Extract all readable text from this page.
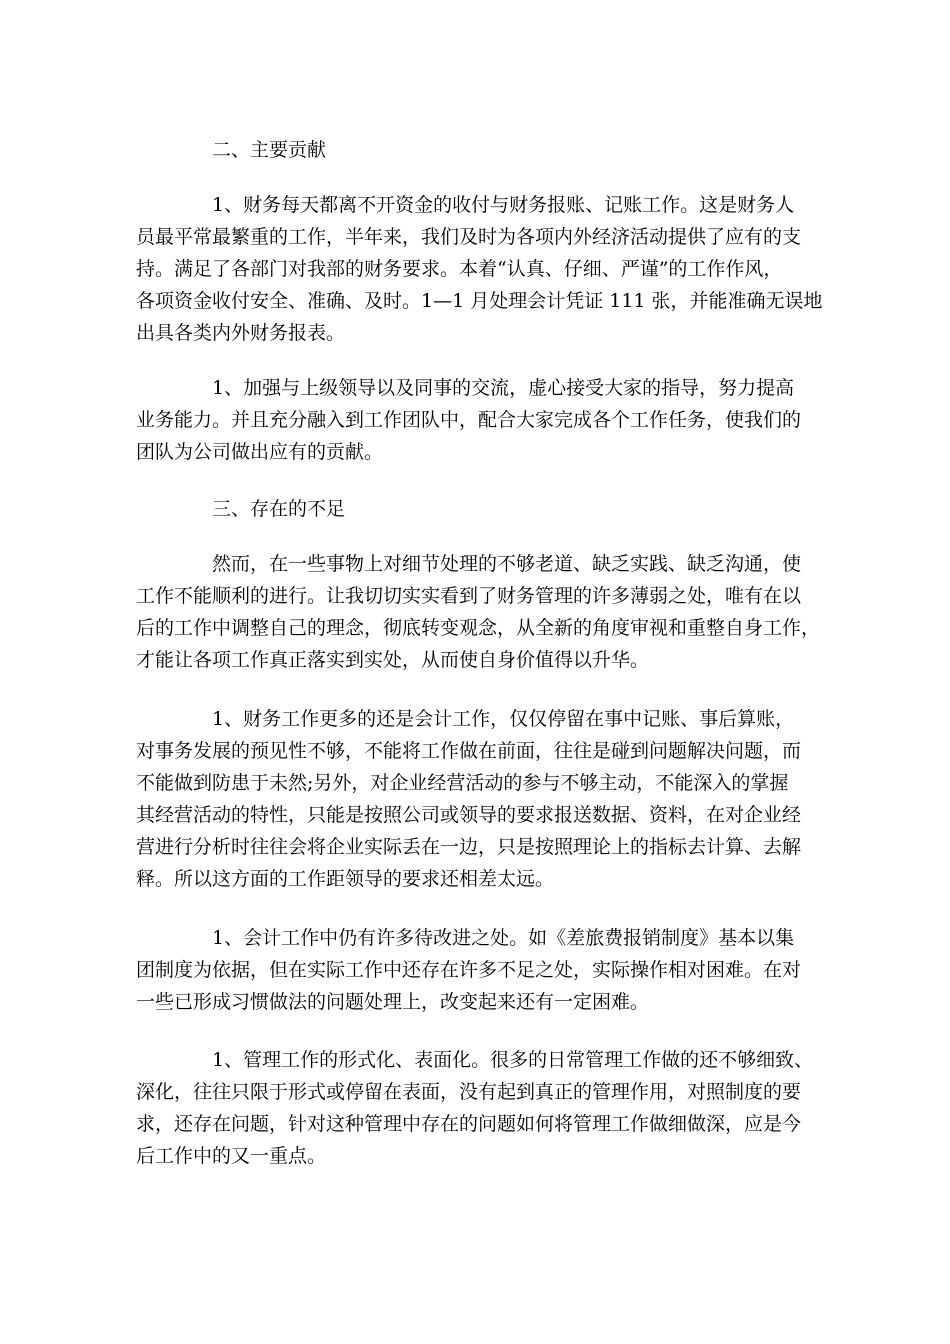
二、主要贡献
1、财务每天都离不开资金的收付与财务报账、记账工作。这是财务人
员最平常最繁重的工作，半年来，我们及时为各项内外经济活动提供了应有的支
持。满足了各部门对我部的财务要求。本着“认真、仔细、严谨”的工作作风，
各项资金收付安全、准确、及时。1—1 月处理会计凭证 111 张，并能准确无误地
出具各类内外财务报表。
1、加强与上级领导以及同事的交流，虚心接受大家的指导，努力提高
业务能力。并且充分融入到工作团队中，配合大家完成各个工作任务，使我们的
团队为公司做出应有的贡献。
三、存在的不足
然而，在一些事物上对细节处理的不够老道、缺乏实践、缺乏沟通，使
工作不能顺利的进行。让我切切实实看到了财务管理的许多薄弱之处，唯有在以
后的工作中调整自己的理念，彻底转变观念，从全新的角度审视和重整自身工作，
才能让各项工作真正落实到实处，从而使自身价值得以升华。
1、财务工作更多的还是会计工作，仅仅停留在事中记账、事后算账，
对事务发展的预见性不够，不能将工作做在前面，往往是碰到问题解决问题，而
不能做到防患于未然;另外，对企业经营活动的参与不够主动，不能深入的掌握
其经营活动的特性，只能是按照公司或领导的要求报送数据、资料，在对企业经
营进行分析时往往会将企业实际丢在一边，只是按照理论上的指标去计算、去解
释。所以这方面的工作距领导的要求还相差太远。
1、会计工作中仍有许多待改进之处。如《差旅费报销制度》基本以集
团制度为依据，但在实际工作中还存在许多不足之处，实际操作相对困难。在对
一些已形成习惯做法的问题处理上，改变起来还有一定困难。
1、管理工作的形式化、表面化。很多的日常管理工作做的还不够细致、
深化，往往只限于形式或停留在表面，没有起到真正的管理作用，对照制度的要
求，还存在问题，针对这种管理中存在的问题如何将管理工作做细做深，应是今
后工作中的又一重点。
